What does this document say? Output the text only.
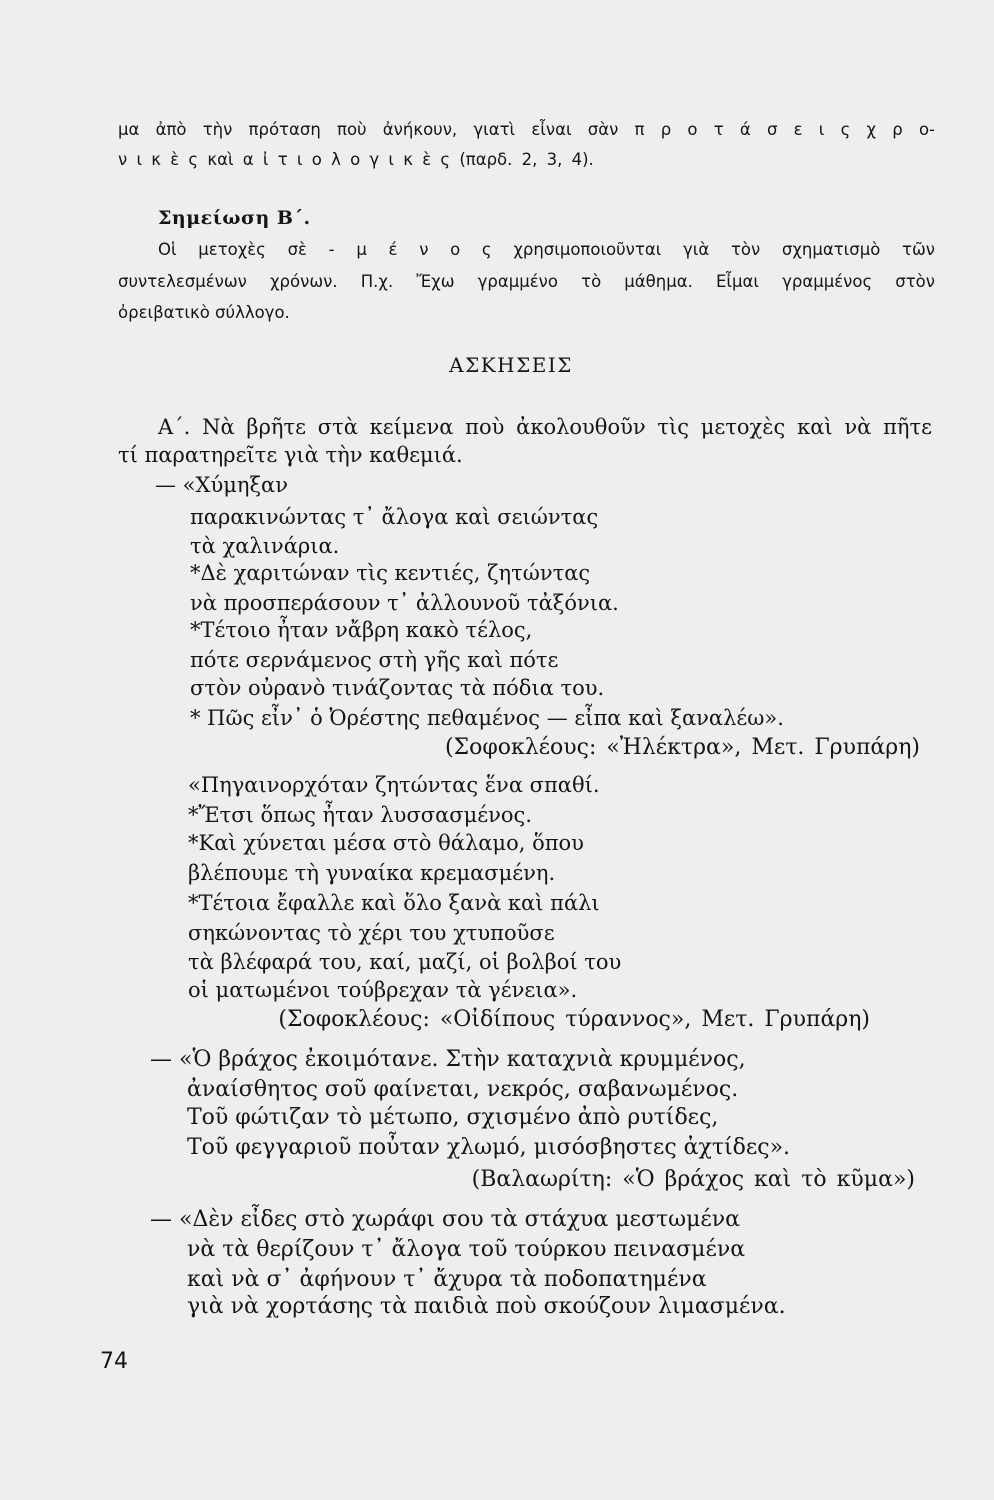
μα ἀπὸ τὴν πρόταση ποὺ ἀνήκουν, γιατὶ εἶναι σὰν π ρ ο τ ά σ ε ι ς χ ρ ο-
ν ι κ ὲ ς καὶ α ἰ τ ι ο λ ο γ ι κ ὲ ς (παρδ. 2, 3, 4).
Σημείωση Β΄.
Οἱ μετοχὲς σὲ - μ έ ν ο ς χρησιμοποιοῦνται γιὰ τὸν σχηματισμὸ τῶν
συντελεσμένων χρόνων. Π.χ. Ἔχω γραμμένο τὸ μάθημα. Εἶμαι γραμμένος στὸν
ὀρειβατικὸ σύλλογο.
ΑΣΚΗΣΕΙΣ
Α΄. Νὰ βρῆτε στὰ κείμενα ποὺ ἀκολουθοῦν τὶς μετοχὲς καὶ νὰ πῆτε
τί παρατηρεῖτε γιὰ τὴν καθεμιά.
— «Χύμηξαν
παρακινώντας τ᾿ ἄλογα καὶ σειώντας
τὰ χαλινάρια.
*Δὲ χαριτώναν τὶς κεντιές, ζητώντας
νὰ προσπεράσουν τ᾿ ἀλλουνοῦ τἀξόνια.
*Τέτοιο ἦταν νἄβρη κακὸ τέλος,
πότε σερνάμενος στὴ γῆς καὶ πότε
στὸν οὐρανὸ τινάζοντας τὰ πόδια του.
* Πῶς εἶν᾿ ὁ Ὀρέστης πεθαμένος — εἶπα καὶ ξαναλέω».
(Σοφοκλέους: «Ἠλέκτρα», Μετ. Γρυπάρη)
«Πηγαινορχόταν ζητώντας ἕνα σπαθί.
*Ἔτσι ὅπως ἦταν λυσσασμένος.
*Καὶ χύνεται μέσα στὸ θάλαμο, ὅπου
βλέπουμε τὴ γυναίκα κρεμασμένη.
*Τέτοια ἔφαλλε καὶ ὅλο ξανὰ καὶ πάλι
σηκώνοντας τὸ χέρι του χτυποῦσε
τὰ βλέφαρά του, καί, μαζί, οἱ βολβοί του
οἱ ματωμένοι τούβρεχαν τὰ γένεια».
(Σοφοκλέους: «Οἰδίπους τύραννος», Μετ. Γρυπάρη)
— «Ὁ βράχος ἐκοιμότανε. Στὴν καταχνιὰ κρυμμένος,
ἀναίσθητος σοῦ φαίνεται, νεκρός, σαβανωμένος.
Τοῦ φώτιζαν τὸ μέτωπο, σχισμένο ἀπὸ ρυτίδες,
Τοῦ φεγγαριοῦ ποὖταν χλωμό, μισόσβηστες ἀχτίδες».
(Βαλαωρίτη: «Ὁ βράχος καὶ τὸ κῦμα»)
— «Δὲν εἶδες στὸ χωράφι σου τὰ στάχυα μεστωμένα
νὰ τὰ θερίζουν τ᾿ ἄλογα τοῦ τούρκου πεινασμένα
καὶ νὰ σ᾿ ἀφήνουν τ᾿ ἄχυρα τὰ ποδοπατημένα
γιὰ νὰ χορτάσης τὰ παιδιὰ ποὺ σκούζουν λιμασμένα.
74
